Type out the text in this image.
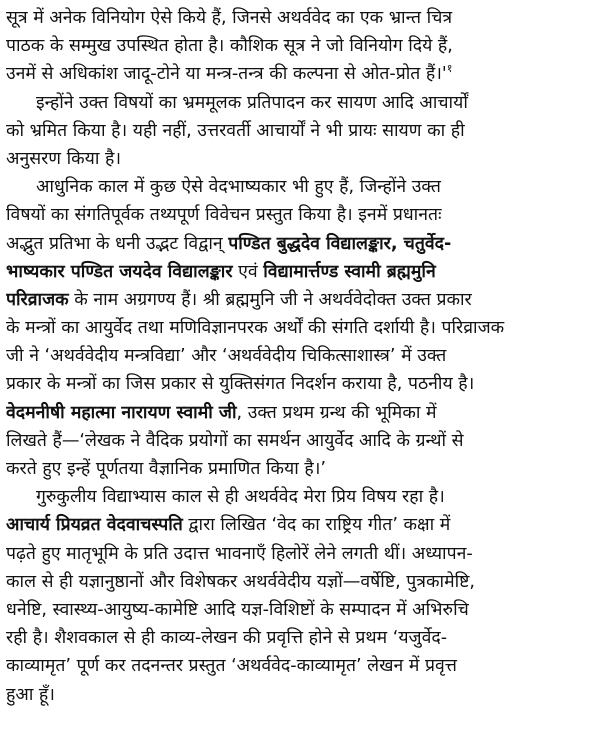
सूत्र में अनेक विनियोग ऐसे किये हैं, जिनसे अथर्ववेद का एक भ्रान्त चित्र
पाठक के सम्मुख उपस्थित होता है। कौशिक सूत्र ने जो विनियोग दिये हैं,
उनमें से अधिकांश जादू-टोने या मन्त्र-तन्त्र की कल्पना से ओत-प्रोत $हैं।'^१$
इन्होंने उक्त विषयों का भ्रममूलक प्रतिपादन कर सायण आदि आचार्यों
को भ्रमित किया है। यही नहीं, उत्तरवर्ती आचार्यों ने भी प्रायः सायण का ही
अनुसरण किया है।
आधुनिक काल में कुछ ऐसे वेदभाष्यकार भी हुए हैं, जिन्होंने उक्त
विषयों का संगतिपूर्वक तथ्यपूर्ण विवेचन प्रस्तुत किया है। इनमें प्रधानतः
अद्भुत प्रतिभा के धनी उद्भट विद्वान् पण्डित बुद्धदेव विद्यालङ्कार, चतुर्वेद-
भाष्यकार पण्डित जयदेव विद्यालङ्कार एवं विद्यामार्त्तण्ड स्वामी ब्रह्ममुनि
परिव्राजक के नाम अग्रगण्य हैं। श्री ब्रह्ममुनि जी ने अथर्ववेदोक्त उक्त प्रकार
के मन्त्रों का आयुर्वेद तथा मणिविज्ञानपरक अर्थों की संगति दर्शायी है। परिव्राजक
जी ने ‘अथर्ववेदीय मन्त्रविद्या’ और ‘अथर्ववेदीय चिकित्साशास्त्र’ में उक्त
प्रकार के मन्त्रों का जिस प्रकार से युक्तिसंगत निदर्शन कराया है, पठनीय है।
वेदमनीषी महात्मा नारायण स्वामी जी, उक्त प्रथम ग्रन्थ की भूमिका में
लिखते हैं—‘लेखक ने वैदिक प्रयोगों का समर्थन आयुर्वेद आदि के ग्रन्थों से
करते हुए इन्हें पूर्णतया वैज्ञानिक प्रमाणित किया है।’
गुरुकुलीय विद्याभ्यास काल से ही अथर्ववेद मेरा प्रिय विषय रहा है।
आचार्य प्रियव्रत वेदवाचस्पति द्वारा लिखित ‘वेद का राष्ट्रिय गीत’ कक्षा में
पढ़ते हुए मातृभूमि के प्रति उदात्त भावनाएँ हिलोरें लेने लगती थीं। अध्यापन-
काल से ही यज्ञानुष्ठानों और विशेषकर अथर्ववेदीय यज्ञों—वर्षेष्टि, पुत्रकामेष्टि,
धनेष्टि, स्वास्थ्य-आयुष्य-कामेष्टि आदि यज्ञ-विशिष्टों के सम्पादन में अभिरुचि
रही है। शैशवकाल से ही काव्य-लेखन की प्रवृत्ति होने से प्रथम ‘यजुर्वेद-
काव्यामृत’ पूर्ण कर तदनन्तर प्रस्तुत ‘अथर्ववेद-काव्यामृत’ लेखन में प्रवृत्त
हुआ हूँ।
